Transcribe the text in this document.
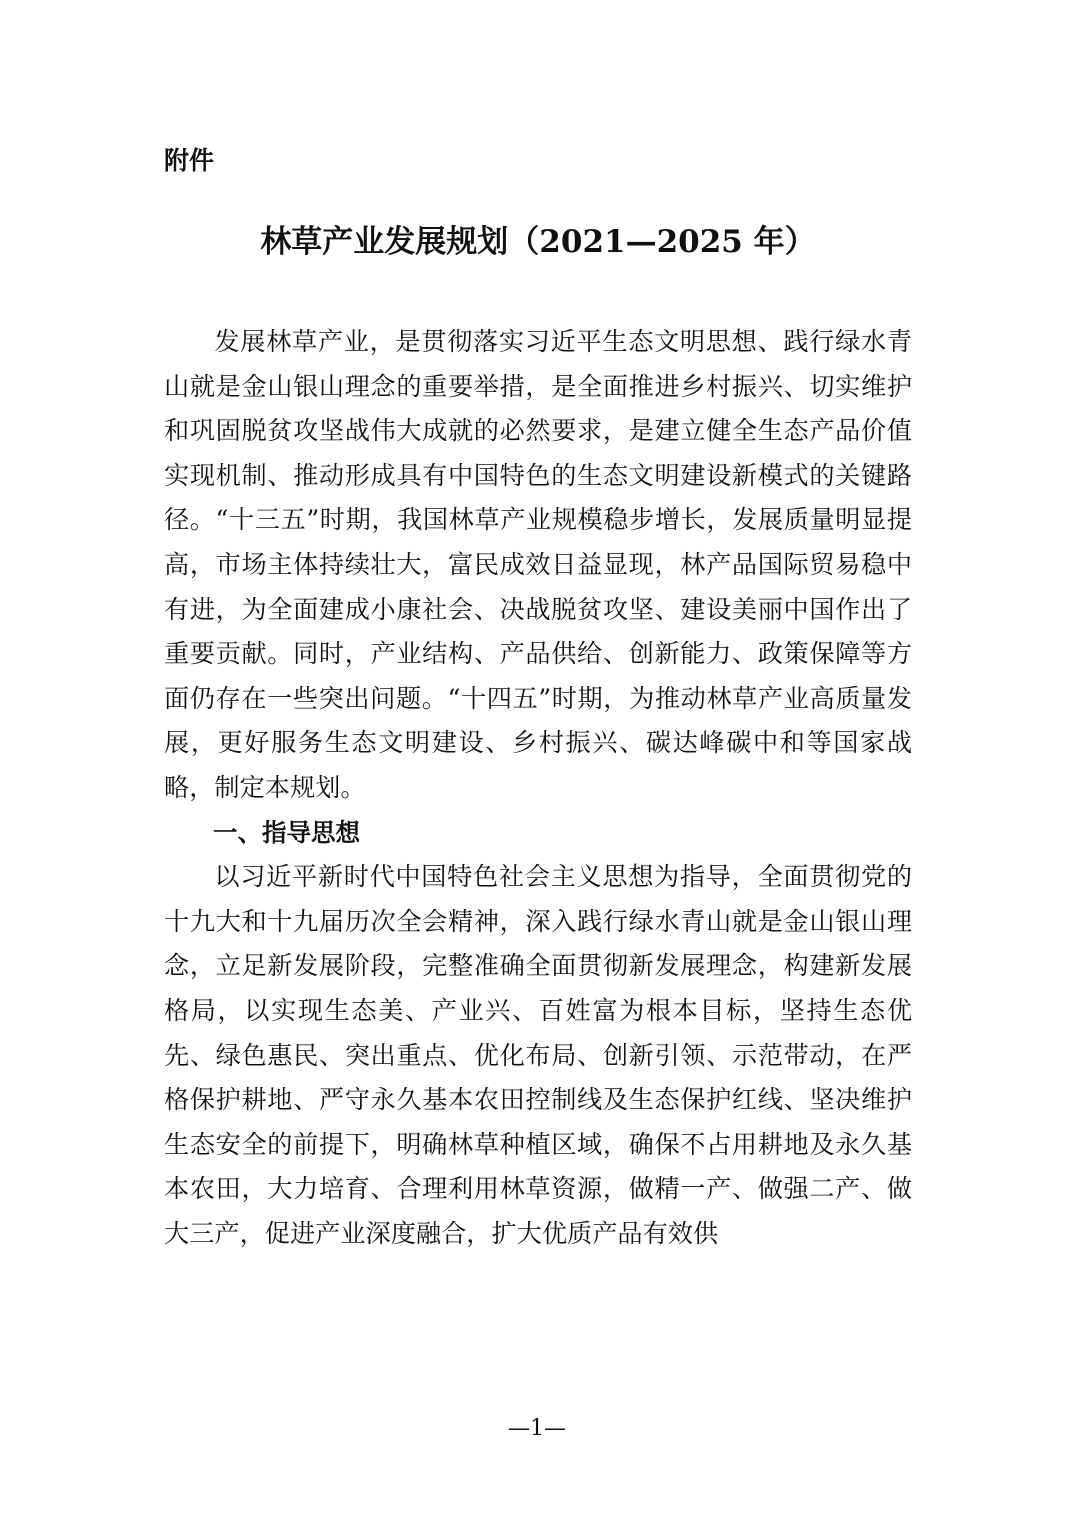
附件

林草产业发展规划（2021—2025 年）

发展林草产业，是贯彻落实习近平生态文明思想、践行绿水青山就是金山银山理念的重要举措，是全面推进乡村振兴、切实维护和巩固脱贫攻坚战伟大成就的必然要求，是建立健全生态产品价值实现机制、推动形成具有中国特色的生态文明建设新模式的关键路径。“十三五”时期，我国林草产业规模稳步增长，发展质量明显提高，市场主体持续壮大，富民成效日益显现，林产品国际贸易稳中有进，为全面建成小康社会、决战脱贫攻坚、建设美丽中国作出了重要贡献。同时，产业结构、产品供给、创新能力、政策保障等方面仍存在一些突出问题。“十四五”时期，为推动林草产业高质量发展，更好服务生态文明建设、乡村振兴、碳达峰碳中和等国家战略，制定本规划。

一、指导思想

以习近平新时代中国特色社会主义思想为指导，全面贯彻党的十九大和十九届历次全会精神，深入践行绿水青山就是金山银山理念，立足新发展阶段，完整准确全面贯彻新发展理念，构建新发展格局，以实现生态美、产业兴、百姓富为根本目标，坚持生态优先、绿色惠民、突出重点、优化布局、创新引领、示范带动，在严格保护耕地、严守永久基本农田控制线及生态保护红线、坚决维护生态安全的前提下，明确林草种植区域，确保不占用耕地及永久基本农田，大力培育、合理利用林草资源，做精一产、做强二产、做大三产，促进产业深度融合，扩大优质产品有效供

—1—
